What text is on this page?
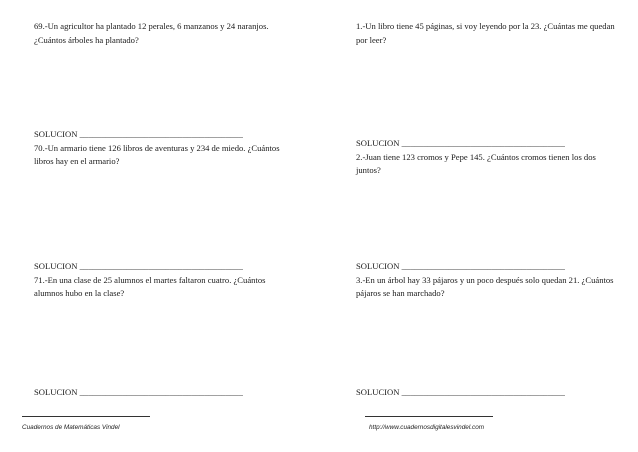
69.-Un agricultor ha plantado 12 perales, 6 manzanos y 24 naranjos. ¿Cuántos árboles ha plantado?

SOLUCION ______________________________________

70.-Un armario tiene 126 libros de aventuras y 234 de miedo. ¿Cuántos libros hay en el armario?

SOLUCION ______________________________________

71.-En una clase de 25 alumnos el martes faltaron cuatro. ¿Cuántos alumnos hubo en la clase?

SOLUCION ______________________________________

1.-Un libro tiene 45 páginas, si voy leyendo por la 23. ¿Cuántas me quedan por leer?

SOLUCION ______________________________________

2.-Juan tiene 123 cromos y Pepe 145. ¿Cuántos cromos tienen los dos juntos?

SOLUCION ______________________________________

3.-En un árbol hay 33 pájaros y un poco después solo quedan 21. ¿Cuántos pájaros se han marchado?

SOLUCION ______________________________________
Cuadernos de Matemáticas Vindel	http://www.cuadernosdigitalesvindel.com
